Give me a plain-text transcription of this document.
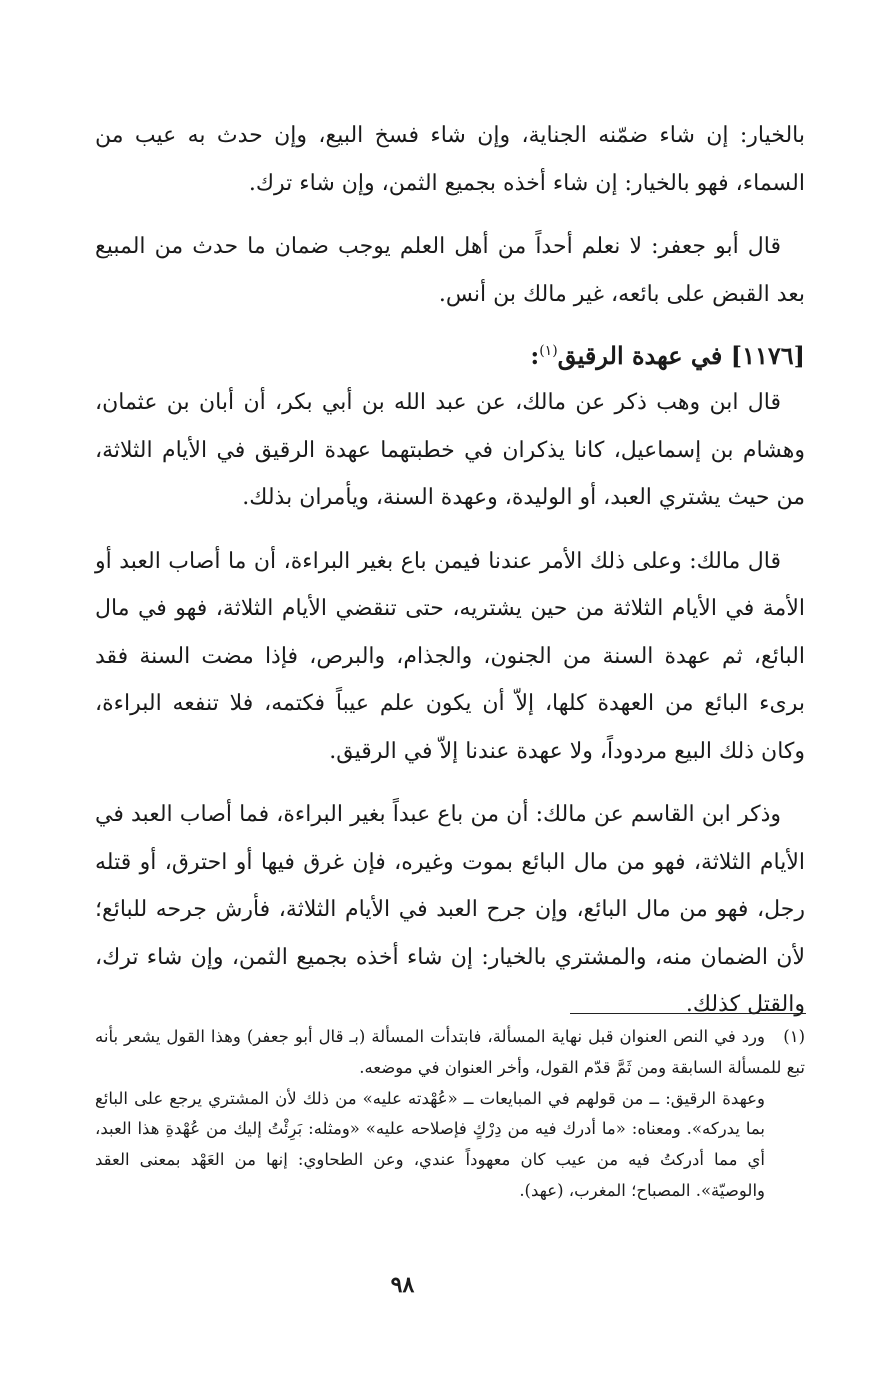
بالخيار: إن شاء ضمّنه الجناية، وإن شاء فسخ البيع، وإن حدث به عيب من السماء، فهو بالخيار: إن شاء أخذه بجميع الثمن، وإن شاء ترك.

قال أبو جعفر: لا نعلم أحداً من أهل العلم يوجب ضمان ما حدث من المبيع بعد القبض على بائعه، غير مالك بن أنس.

[١١٧٦] في عهدة الرقيق$^{(١)}$:

قال ابن وهب ذكر عن مالك، عن عبد الله بن أبي بكر، أن أبان بن عثمان، وهشام بن إسماعيل، كانا يذكران في خطبتهما عهدة الرقيق في الأيام الثلاثة، من حيث يشتري العبد، أو الوليدة، وعهدة السنة، ويأمران بذلك.

قال مالك: وعلى ذلك الأمر عندنا فيمن باع بغير البراءة، أن ما أصاب العبد أو الأمة في الأيام الثلاثة من حين يشتريه، حتى تنقضي الأيام الثلاثة، فهو في مال البائع، ثم عهدة السنة من الجنون، والجذام، والبرص، فإذا مضت السنة فقد برىء البائع من العهدة كلها، إلاّ أن يكون علم عيباً فكتمه، فلا تنفعه البراءة، وكان ذلك البيع مردوداً، ولا عهدة عندنا إلاّ في الرقيق.

وذكر ابن القاسم عن مالك: أن من باع عبداً بغير البراءة، فما أصاب العبد في الأيام الثلاثة، فهو من مال البائع بموت وغيره، فإن غرق فيها أو احترق، أو قتله رجل، فهو من مال البائع، وإن جرح العبد في الأيام الثلاثة، فأرش جرحه للبائع؛ لأن الضمان منه، والمشتري بالخيار: إن شاء أخذه بجميع الثمن، وإن شاء ترك، والقتل كذلك.

(١)ورد في النص العنوان قبل نهاية المسألة، فابتدأت المسألة (بـ قال أبو جعفر) وهذا القول يشعر بأنه تبع للمسألة السابقة ومن ثَمَّ قدّم القول، وأخر العنوان في موضعه.

وعهدة الرقيق: ــ من قولهم في المبايعات ــ «عُهْدته عليه» من ذلك لأن المشتري يرجع على البائع بما يدركه». ومعناه: «ما أدرك فيه من دِرْكٍ فإصلاحه عليه» «ومثله: بَرِئْتُ إليك من عُهْدةِ هذا العبد، أي مما أدركتُ فيه من عيب كان معهوداً عندي، وعن الطحاوي: إنها من العَهْد بمعنى العقد والوصيّة». المصباح؛ المغرب، (عهد).

٩٨
